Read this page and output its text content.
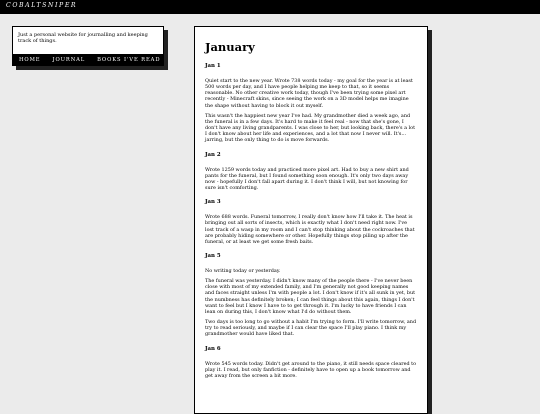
COBALTSNIPER
Just a personal website for journalling and keeping track of things.
HOME JOURNAL BOOKS I'VE READ
January
Jan 1

Quiet start to the new year. Wrote 738 words today - my goal for the year is at least 500 words per day, and I have people helping me keep to that, so it seems reasonable. No other creative work today, though I've been trying some pixel art recently - Minecraft skins, since seeing the work on a 3D model helps me imagine the shape without having to block it out myself.

This wasn't the happiest new year I've had. My grandmother died a week ago, and the funeral is in a few days. It's hard to make it feel real - now that she's gone, I don't have any living grandparents. I was close to her, but looking back, there's a lot I don't know about her life and experiences, and a lot that now I never will. It's... jarring, but the only thing to do is move forwards.

Jan 2

Wrote 1259 words today and practiced more pixel art. Had to buy a new shirt and pants for the funeral, but I found something soon enough. It's only two days away now - hopefully I don't fall apart during it. I don't think I will, but not knowing for sure isn't comforting.

Jan 3

Wrote 688 words. Funeral tomorrow, I really don't know how I'll take it. The heat is bringing out all sorts of insects, which is exactly what I don't need right now. I've lost track of a wasp in my room and I can't stop thinking about the cockroaches that are probably hiding somewhere or other. Hopefully things stop piling up after the funeral, or at least we get some fresh baits.

Jan 5

No writing today or yesterday.

The funeral was yesterday. I didn't know many of the people there - I've never been close with most of my extended family, and I'm generally not good keeping names and faces straight unless I'm with people a lot. I don't know if it's all sunk in yet, but the numbness has definitely broken; I can feel things about this again, things I don't want to feel but I know I have to to get through it. I'm lucky to have friends I can lean on during this, I don't know what I'd do without them.

Two days is too long to go without a habit I'm trying to form. I'll write tomorrow, and try to read seriously, and maybe if I can clear the space I'll play piano. I think my grandmother would have liked that.

Jan 6

Wrote 545 words today. Didn't get around to the piano, it still needs space cleared to play it. I read, but only fanfiction - definitely have to open up a book tomorrow and get away from the screen a bit more.
